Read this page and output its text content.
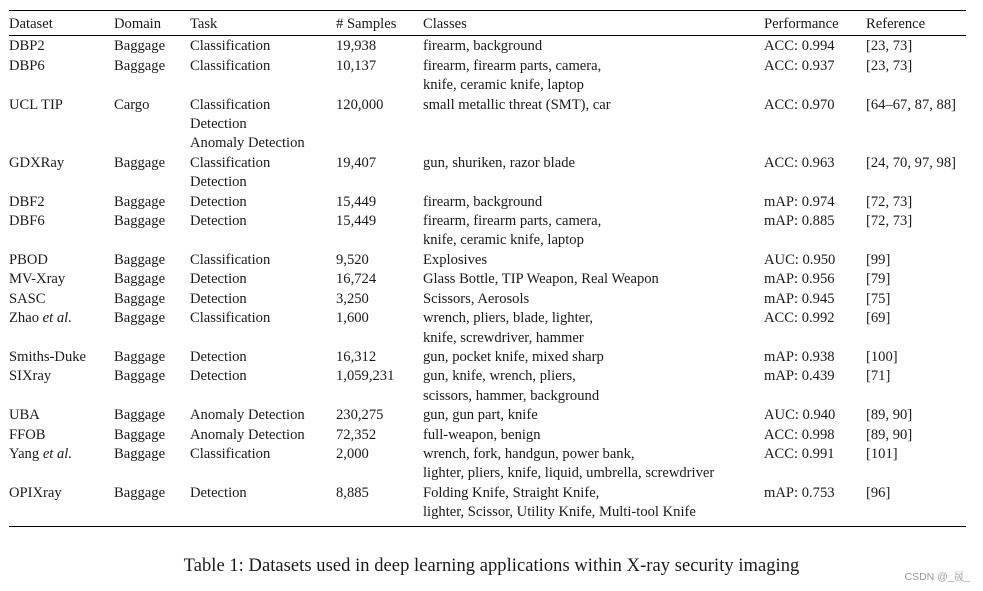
Dataset	Domain	Task	# Samples	Classes	Performance	Reference

DBP2	Baggage	Classification	19,938	firearm, background	ACC: 0.994	[23, 73]
DBP6	Baggage	Classification	10,137	firearm, firearm parts, camera,
knife, ceramic knife, laptop	ACC: 0.937	[23, 73]
UCL TIP	Cargo	Classification
Detection
Anomaly Detection	120,000	small metallic threat (SMT), car	ACC: 0.970	[64–67, 87, 88]
GDXRay	Baggage	Classification
Detection	19,407	gun, shuriken, razor blade	ACC: 0.963	[24, 70, 97, 98]
DBF2	Baggage	Detection	15,449	firearm, background	mAP: 0.974	[72, 73]
DBF6	Baggage	Detection	15,449	firearm, firearm parts, camera,
knife, ceramic knife, laptop	mAP: 0.885	[72, 73]
PBOD	Baggage	Classification	9,520	Explosives	AUC: 0.950	[99]
MV-Xray	Baggage	Detection	16,724	Glass Bottle, TIP Weapon, Real Weapon	mAP: 0.956	[79]
SASC	Baggage	Detection	3,250	Scissors, Aerosols	mAP: 0.945	[75]
Zhao et al.	Baggage	Classification	1,600	wrench, pliers, blade, lighter,
knife, screwdriver, hammer	ACC: 0.992	[69]
Smiths-Duke	Baggage	Detection	16,312	gun, pocket knife, mixed sharp	mAP: 0.938	[100]
SIXray	Baggage	Detection	1,059,231	gun, knife, wrench, pliers,
scissors, hammer, background	mAP: 0.439	[71]
UBA	Baggage	Anomaly Detection	230,275	gun, gun part, knife	AUC: 0.940	[89, 90]
FFOB	Baggage	Anomaly Detection	72,352	full-weapon, benign	ACC: 0.998	[89, 90]
Yang et al.	Baggage	Classification	2,000	wrench, fork, handgun, power bank,
lighter, pliers, knife, liquid, umbrella, screwdriver	ACC: 0.991	[101]
OPIXray	Baggage	Detection	8,885	Folding Knife, Straight Knife,
lighter, Scissor, Utility Knife, Multi-tool Knife	mAP: 0.753	[96]
Table 1: Datasets used in deep learning applications within X-ray security imaging
CSDN @_晟_
